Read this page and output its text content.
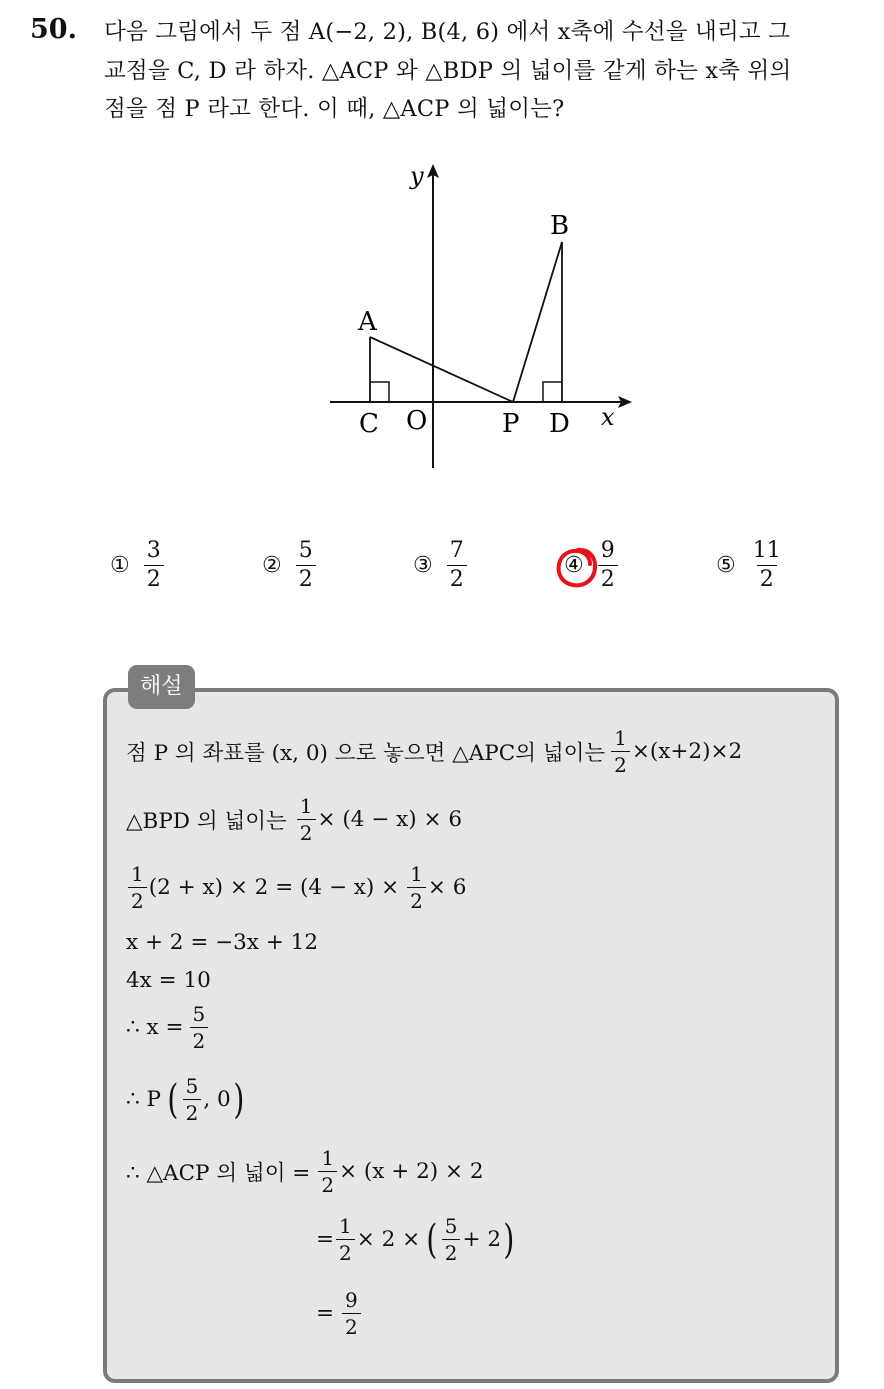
50. 다음 그림에서 두 점 A(−2, 2), B(4, 6) 에서 x축에 수선을 내리고 그
교점을 C, D 라 하자. △ACP 와 △BDP 의 넓이를 같게 하는 x축 위의
점을 점 P 라고 한다. 이 때, △ACP 의 넓이는?
y
A
B
C O	P D x
① $\frac{3}{2}$	② $\frac{5}{2}$	③ $\frac{7}{2}$	④ $\frac{9}{2}$	⑤ $\frac{11}{2}$
해설
점 P 의 좌표를 (x, 0) 으로 놓으면 △APC의 넓이는 $\frac{1}{2} \times(x+2)\times 2$
△BPD 의 넓이는 $\frac{1}{2} \times (4 - x) \times 6$
$\frac{1}{2} (2 + x) \times 2 = (4 - x) \times \frac{1}{2} \times 6$
x + 2 = −3x + 12
4x = 10
∴ $x = \frac{5}{2}$
∴ P ( $\frac{5}{2}$ , 0 )
∴ △ACP 의 넓이 = $\frac{1}{2} \times (x + 2) \times 2$
= $\frac{1}{2} \times 2$ × ( $\frac{5}{2} + 2$ )
= $\frac{9}{2}$
